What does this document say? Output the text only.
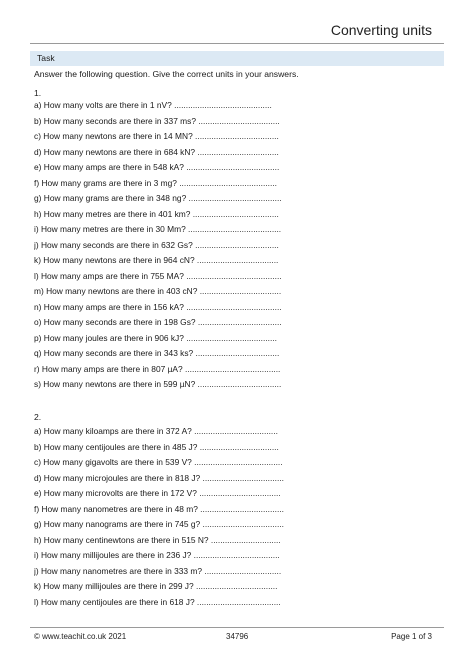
Converting units
Task
Answer the following question. Give the correct units in your answers.
1.
a) How many volts are there in 1 nV? ..........................................
b) How many seconds are there in 337 ms? ...................................
c) How many newtons are there in 14 MN? ....................................
d) How many newtons are there in 684 kN? ...................................
e) How many amps are there in 548 kA? ........................................
f) How many grams are there in 3 mg? ..........................................
g) How many grams are there in 348 ng? ........................................
h) How many metres are there in 401 km? .....................................
i) How many metres are there in 30 Mm? ........................................
j) How many seconds are there in 632 Gs? ....................................
k) How many newtons are there in 964 cN? ...................................
l) How many amps are there in 755 MA? .........................................
m) How many newtons are there in 403 cN? ...................................
n) How many amps are there in 156 kA? .........................................
o) How many seconds are there in 198 Gs? ....................................
p) How many joules are there in 906 kJ? .......................................
q) How many seconds are there in 343 ks? ....................................
r) How many amps are there in 807 µA? .........................................
s) How many newtons are there in 599 µN? ....................................
2.
a) How many kiloamps are there in 372 A? ....................................
b) How many centijoules are there in 485 J? ..................................
c) How many gigavolts are there in 539 V? ......................................
d) How many microjoules are there in 818 J? ...................................
e) How many microvolts are there in 172 V? ...................................
f) How many nanometres are there in 48 m? ....................................
g) How many nanograms are there in 745 g? ...................................
h) How many centinewtons are there in 515 N? ..............................
i) How many millijoules are there in 236 J? .....................................
j) How many nanometres are there in 333 m? .................................
k) How many millijoules are there in 299 J? ...................................
l) How many centijoules are there in 618 J? ....................................
© www.teachit.co.uk 2021	34796	Page 1 of 3
